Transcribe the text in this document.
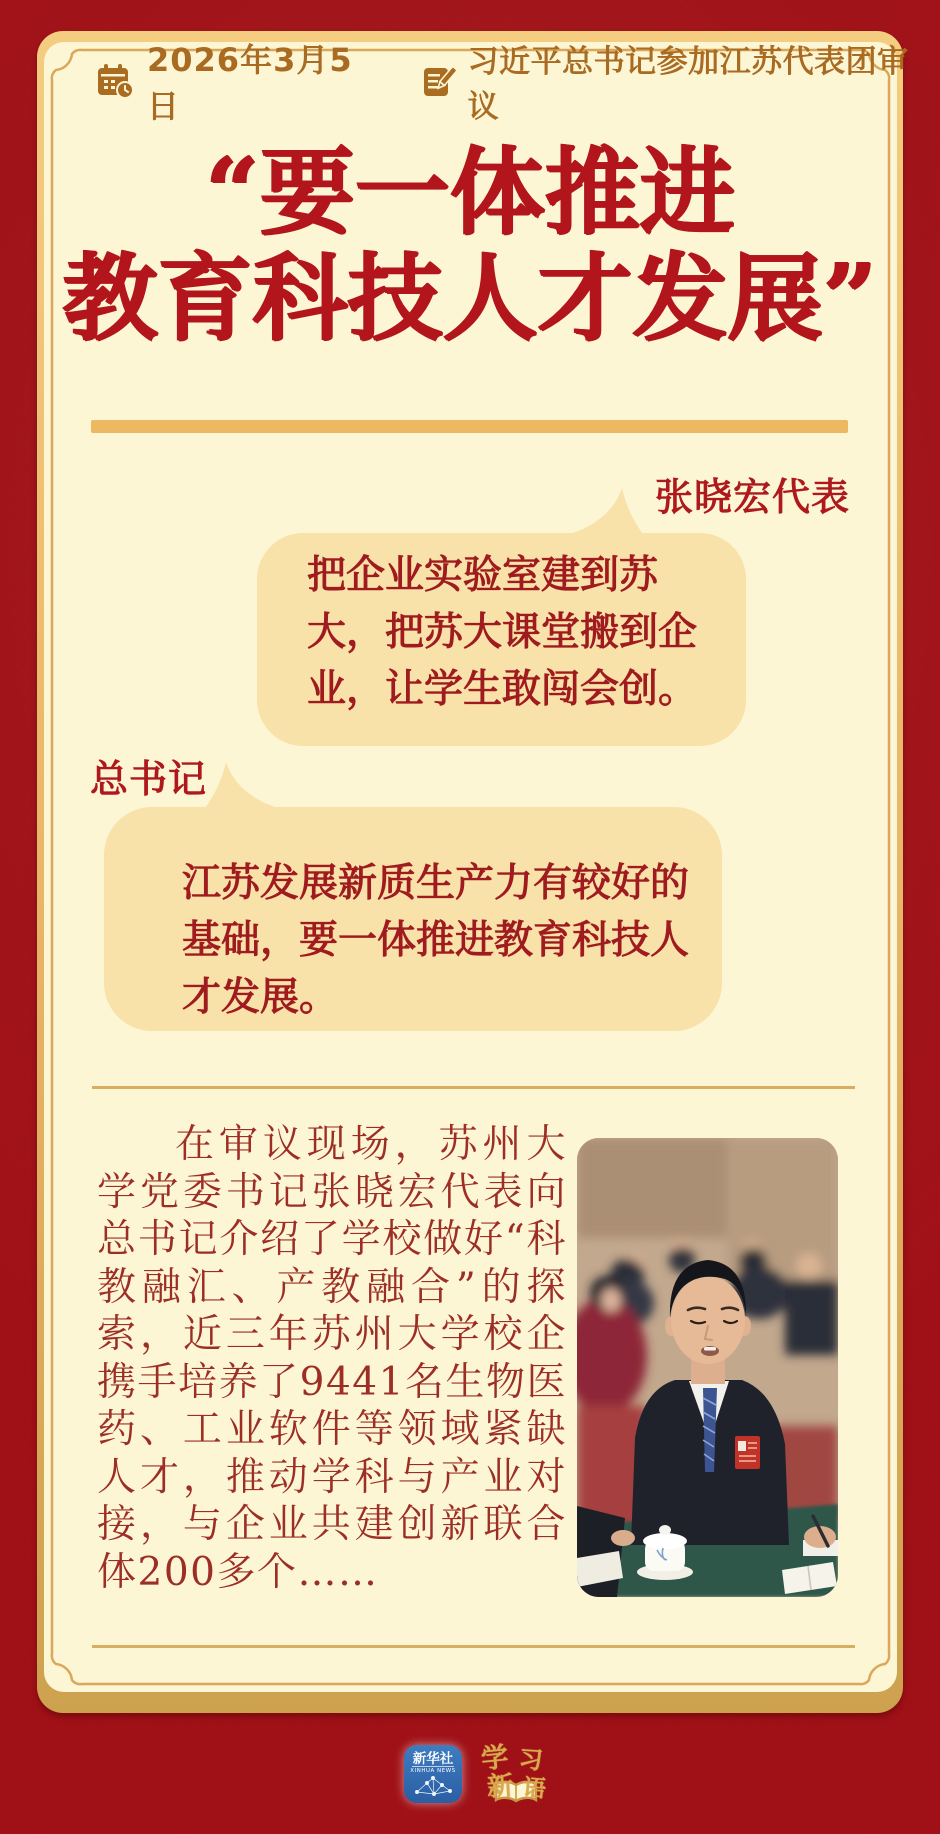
2026年3月5日
习近平总书记参加江苏代表团审议
“要一体推进
教育科技人才发展”
张晓宏代表
把企业实验室建到苏大，把苏大课堂搬到企业，让学生敢闯会创。
总书记
江苏发展新质生产力有较好的基础，要一体推进教育科技人才发展。
在审议现场，苏州大学党委书记张晓宏代表向总书记介绍了学校做好“科教融汇、产教融合”的探索，近三年苏州大学校企携手培养了9441名生物医药、工业软件等领域紧缺人才，推动学科与产业对接，与企业共建创新联合体200多个……
新华社
XINHUA NEWS 学 习
新 语
